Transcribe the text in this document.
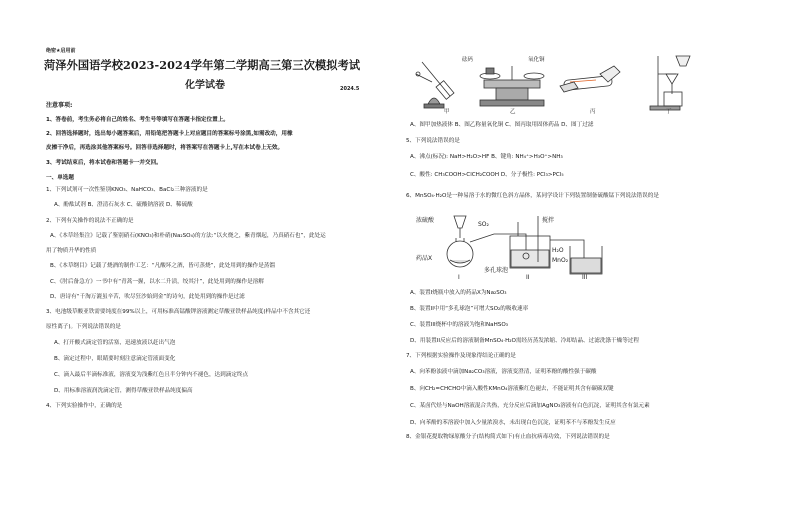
绝密★启用前
菏泽外国语学校2023-2024学年第二学期高三第三次模拟考试
化学试卷	2024.5
注意事项:
1、答卷前，考生务必将自己的姓名、考生号等填写在答题卡指定位置上。
2、回答选择题时，选出每小题答案后，用铅笔把答题卡上对应题目的答案标号涂黑,如需改动，用橡
皮擦干净后，再选涂其他答案标号。回答非选择题时，将答案写在答题卡上,写在本试卷上无效。
3、考试结束后，将本试卷和答题卡一并交回。
一、单选题
1、下列试剂可一次性鉴别KNO₃、NaHCO₃、BaCl₂三种溶液的是
A、酚酞试剂 B、澄清石灰水 C、硫酸钠溶液 D、稀硫酸
2、下列有关操作的说法不正确的是
A、《本草经集注》记载了鉴别硝石(KNO₃)和朴硝(Na₂SO₄)的方法:“以火烧之，紫青烟起，乃真硝石也”，此处运
用了物质升华的性质
B、《本草纲目》记载了烧酒的制作工艺：“凡酸坏之酒，皆可蒸烧”，此处用到的操作是蒸馏
C、《肘后备急方》一书中有“青蒿一握，以水二升渍，绞其汁”，此处用到的操作是溶解
D、唐诗有“千淘万漉虽辛苦，吹尽狂沙始到金”的诗句，此处用到的操作是过滤
3、电池级草酸亚铁需要纯度在99%以上，可用标准高锰酸钾溶液测定草酸亚铁样品纯度(样品中不含其它还
原性离子)。下列说法错误的是
A、打开酸式滴定管的活塞，迅速放液以赶出气泡
B、滴定过程中，眼睛要时刻注意滴定管液面变化
C、滴入最后半滴标准液，溶液变为浅紫红色且半分钟内不褪色，达到滴定终点
D、用标准溶液润洗滴定管，测得草酸亚铁样品纯度偏高
4、下列实验操作中，正确的是
砝码	氧化铜
甲	乙	丙	丁
A、图甲加热液体 B、图乙称量氧化铜 C、图丙取用固体药品 D、图丁过滤
5、下列说法错误的是
A、沸点(标况): NaH>H₂O>HF B、键角: NH₄⁺>H₃O⁺>NH₃
C、酸性: CH₃COOH>ClCH₂COOH D、分子极性: PCl₃>PCl₅
6、MnSO₄·H₂O是一种易溶于水的微红色斜方晶体，某同学设计下列装置制备硫酸锰下列说法错误的是
浓硫酸
SO₂
搅拌
H₂O
MnO₂
药品X
多孔球泡
I	II	III
A、装置I烧瓶中放入的药品X为Na₂SO₃
B、装置II中用“多孔球泡”可增大SO₂的吸收速率
C、装置III烧杯中的溶液为饱和NaHSO₃
D、用装置II反应后的溶液制备MnSO₄·H₂O需经历蒸发浓缩、冷却结晶、过滤洗涤干燥等过程
7、下列根据实验操作及现象得结论正确的是
A、向苯酚浊液中滴加Na₂CO₃溶液，溶液变澄清，证明苯酚的酸性强于碳酸
B、向CH₂=CHCHO中滴入酸性KMnO₄溶液紫红色褪去，不能证明其含有碳碳双键
C、某卤代烃与NaOH溶液混合共热，充分反应后滴加AgNO₃溶液有白色沉淀，证明其含有氯元素
D、向苯酚的苯溶液中加入少量浓溴水，未出现白色沉淀，证明苯不与苯酚发生反应
8、金银花提取物绿原酸分子(结构简式如下)有止血抗病毒功效，下列说法错误的是
